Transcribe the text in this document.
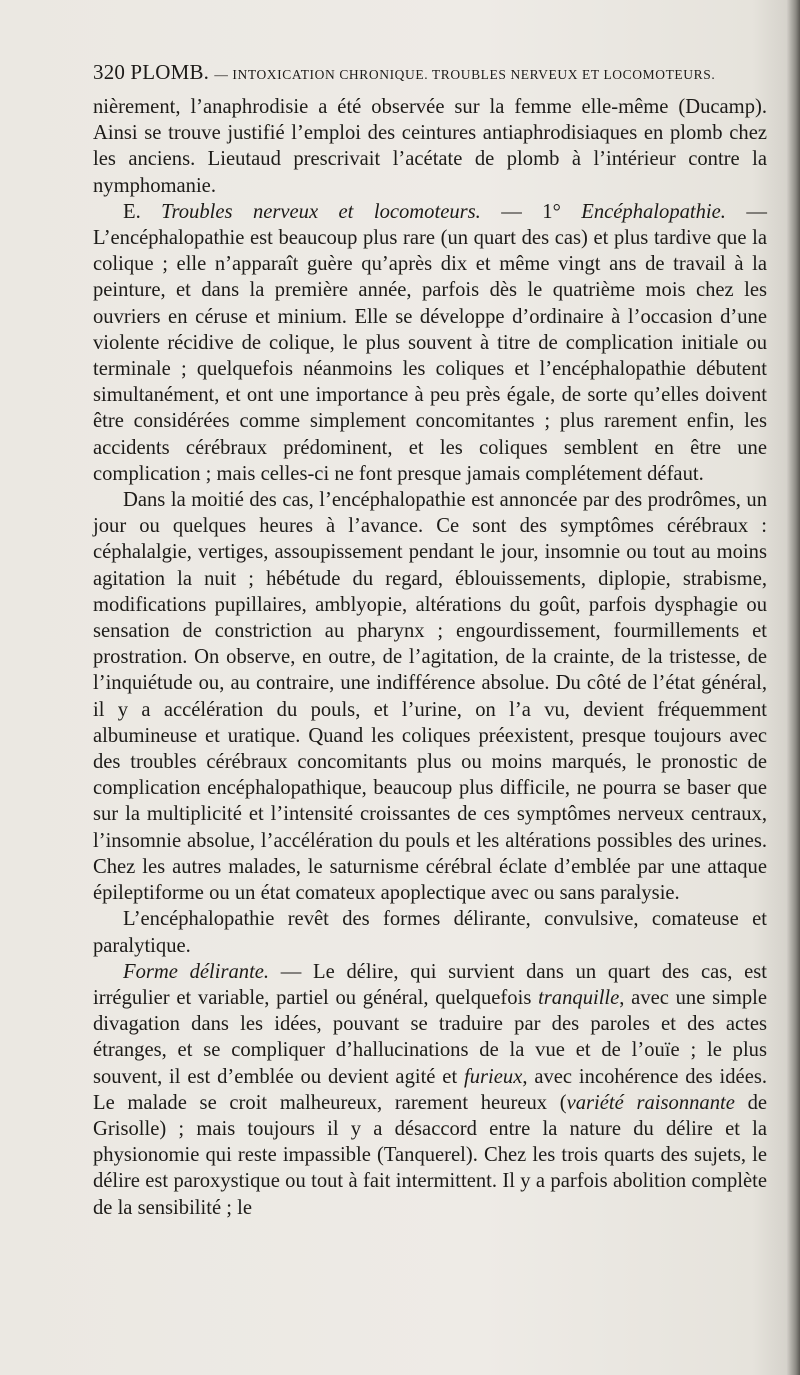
320 PLOMB. — INTOXICATION CHRONIQUE. TROUBLES NERVEUX ET LOCOMOTEURS.

nièrement, l’anaphrodisie a été observée sur la femme elle-même (Ducamp). Ainsi se trouve justifié l’emploi des ceintures antiaphrodisiaques en plomb chez les anciens. Lieutaud prescrivait l’acétate de plomb à l’intérieur contre la nymphomanie.

E. Troubles nerveux et locomoteurs. — 1° Encéphalopathie. — L’encéphalopathie est beaucoup plus rare (un quart des cas) et plus tardive que la colique ; elle n’apparaît guère qu’après dix et même vingt ans de travail à la peinture, et dans la première année, parfois dès le quatrième mois chez les ouvriers en céruse et minium. Elle se développe d’ordinaire à l’occasion d’une violente récidive de colique, le plus souvent à titre de complication initiale ou terminale ; quelquefois néanmoins les coliques et l’encéphalopathie débutent simultanément, et ont une importance à peu près égale, de sorte qu’elles doivent être considérées comme simplement concomitantes ; plus rarement enfin, les accidents cérébraux prédominent, et les coliques semblent en être une complication ; mais celles-ci ne font presque jamais complétement défaut.

Dans la moitié des cas, l’encéphalopathie est annoncée par des prodrômes, un jour ou quelques heures à l’avance. Ce sont des symptômes cérébraux : céphalalgie, vertiges, assoupissement pendant le jour, insomnie ou tout au moins agitation la nuit ; hébétude du regard, éblouissements, diplopie, strabisme, modifications pupillaires, amblyopie, altérations du goût, parfois dysphagie ou sensation de constriction au pharynx ; engourdissement, fourmillements et prostration. On observe, en outre, de l’agitation, de la crainte, de la tristesse, de l’inquiétude ou, au contraire, une indifférence absolue. Du côté de l’état général, il y a accélération du pouls, et l’urine, on l’a vu, devient fréquemment albumineuse et uratique. Quand les coliques préexistent, presque toujours avec des troubles cérébraux concomitants plus ou moins marqués, le pronostic de complication encéphalopathique, beaucoup plus difficile, ne pourra se baser que sur la multiplicité et l’intensité croissantes de ces symptômes nerveux centraux, l’insomnie absolue, l’accélération du pouls et les altérations possibles des urines. Chez les autres malades, le saturnisme cérébral éclate d’emblée par une attaque épileptiforme ou un état comateux apoplectique avec ou sans paralysie.

L’encéphalopathie revêt des formes délirante, convulsive, comateuse et paralytique.

Forme délirante. — Le délire, qui survient dans un quart des cas, est irrégulier et variable, partiel ou général, quelquefois tranquille, avec une simple divagation dans les idées, pouvant se traduire par des paroles et des actes étranges, et se compliquer d’hallucinations de la vue et de l’ouïe ; le plus souvent, il est d’emblée ou devient agité et furieux, avec incohérence des idées. Le malade se croit malheureux, rarement heureux (variété raisonnante de Grisolle) ; mais toujours il y a désaccord entre la nature du délire et la physionomie qui reste impassible (Tanquerel). Chez les trois quarts des sujets, le délire est paroxystique ou tout à fait intermittent. Il y a parfois abolition complète de la sensibilité ; le
